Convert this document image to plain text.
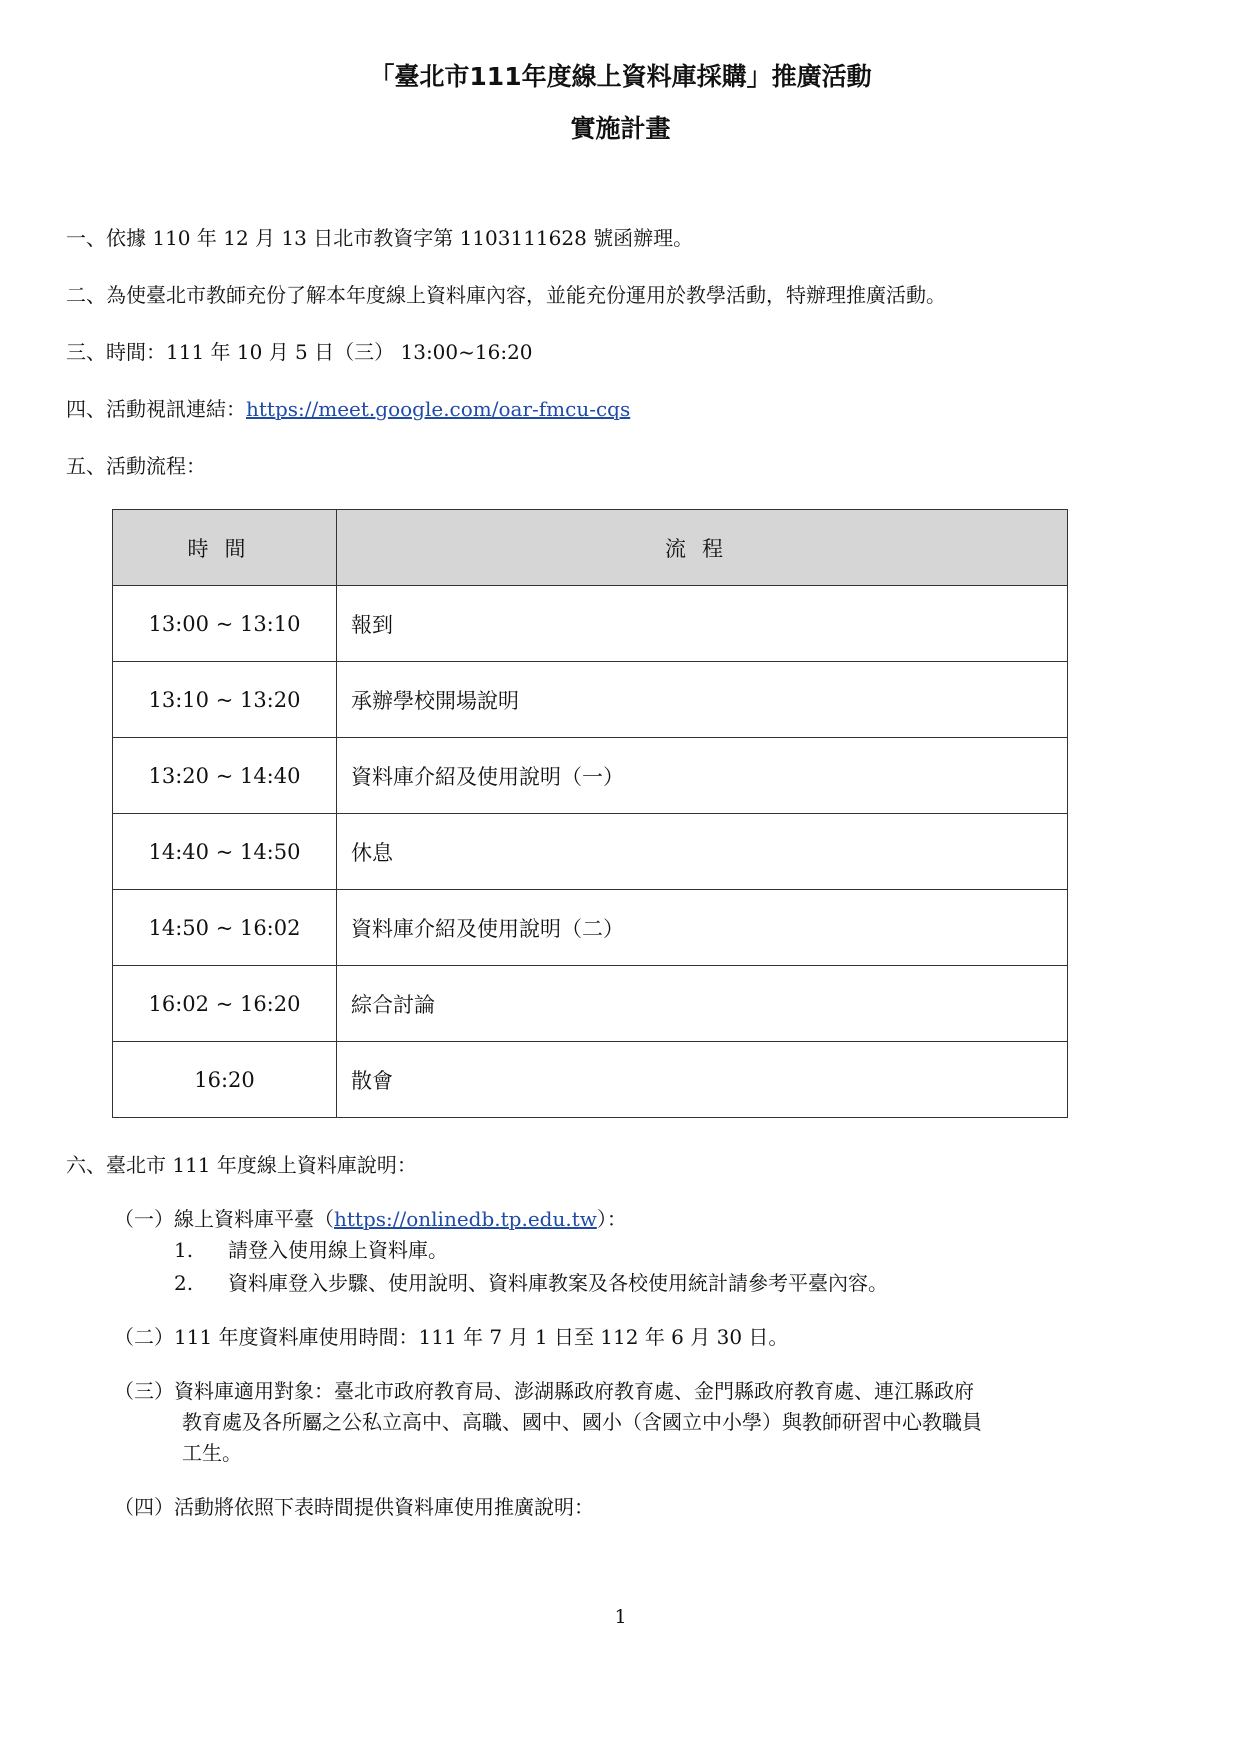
「臺北市111年度線上資料庫採購」推廣活動
實施計畫
一、依據 110 年 12 月 13 日北市教資字第 1103111628 號函辦理。
二、為使臺北市教師充份了解本年度線上資料庫內容，並能充份運用於教學活動，特辦理推廣活動。
三、時間：111 年 10 月 5 日（三） 13:00~16:20
四、活動視訊連結：https://meet.google.com/oar-fmcu-cqs
五、活動流程：
時間	流程
13:00 ~ 13:10	報到
13:10 ~ 13:20	承辦學校開場說明
13:20 ~ 14:40	資料庫介紹及使用說明（一）
14:40 ~ 14:50	休息
14:50 ~ 16:02	資料庫介紹及使用說明（二）
16:02 ~ 16:20	綜合討論
16:20	散會
六、臺北市 111 年度線上資料庫說明：
（一）線上資料庫平臺（https://onlinedb.tp.edu.tw）：
1. 請登入使用線上資料庫。
2. 資料庫登入步驟、使用說明、資料庫教案及各校使用統計請參考平臺內容。
（二）111 年度資料庫使用時間：111 年 7 月 1 日至 112 年 6 月 30 日。
（三）資料庫適用對象：臺北市政府教育局、澎湖縣政府教育處、金門縣政府教育處、連江縣政府
教育處及各所屬之公私立高中、高職、國中、國小（含國立中小學）與教師研習中心教職員
工生。
（四）活動將依照下表時間提供資料庫使用推廣說明：
1
